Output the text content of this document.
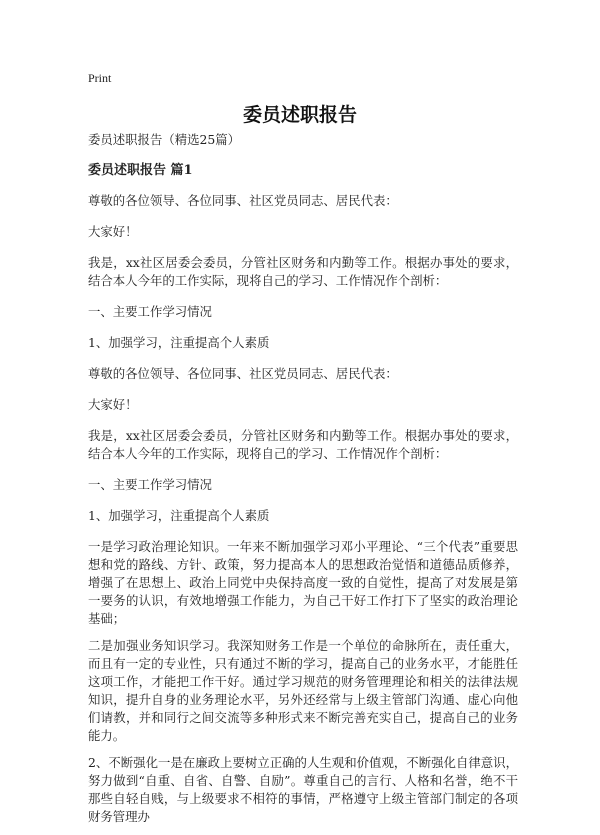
Print
委员述职报告

委员述职报告（精选25篇）

委员述职报告 篇1

尊敬的各位领导、各位同事、社区党员同志、居民代表：

大家好！

我是，xx社区居委会委员，分管社区财务和内勤等工作。根据办事处的要求，结合本人今年的工作实际，现将自己的学习、工作情况作个剖析：

一、主要工作学习情况

1、加强学习，注重提高个人素质

尊敬的各位领导、各位同事、社区党员同志、居民代表：

大家好！

我是，xx社区居委会委员，分管社区财务和内勤等工作。根据办事处的要求，结合本人今年的工作实际，现将自己的学习、工作情况作个剖析：

一、主要工作学习情况

1、加强学习，注重提高个人素质

一是学习政治理论知识。一年来不断加强学习邓小平理论、“三个代表”重要思想和党的路线、方针、政策，努力提高本人的思想政治觉悟和道德品质修养，增强了在思想上、政治上同党中央保持高度一致的自觉性，提高了对发展是第一要务的认识，有效地增强工作能力，为自己干好工作打下了坚实的政治理论基础；

二是加强业务知识学习。我深知财务工作是一个单位的命脉所在，责任重大，而且有一定的专业性，只有通过不断的学习，提高自己的业务水平，才能胜任这项工作，才能把工作干好。通过学习规范的财务管理理论和相关的法律法规知识，提升自身的业务理论水平，另外还经常与上级主管部门沟通、虚心向他们请教，并和同行之间交流等多种形式来不断完善充实自己，提高自己的业务能力。

2、不断强化一是在廉政上要树立正确的人生观和价值观，不断强化自律意识，努力做到“自重、自省、自警、自励”。尊重自己的言行、人格和名誉，绝不干那些自轻自贱，与上级要求不相符的事情，严格遵守上级主管部门制定的各项财务管理办
